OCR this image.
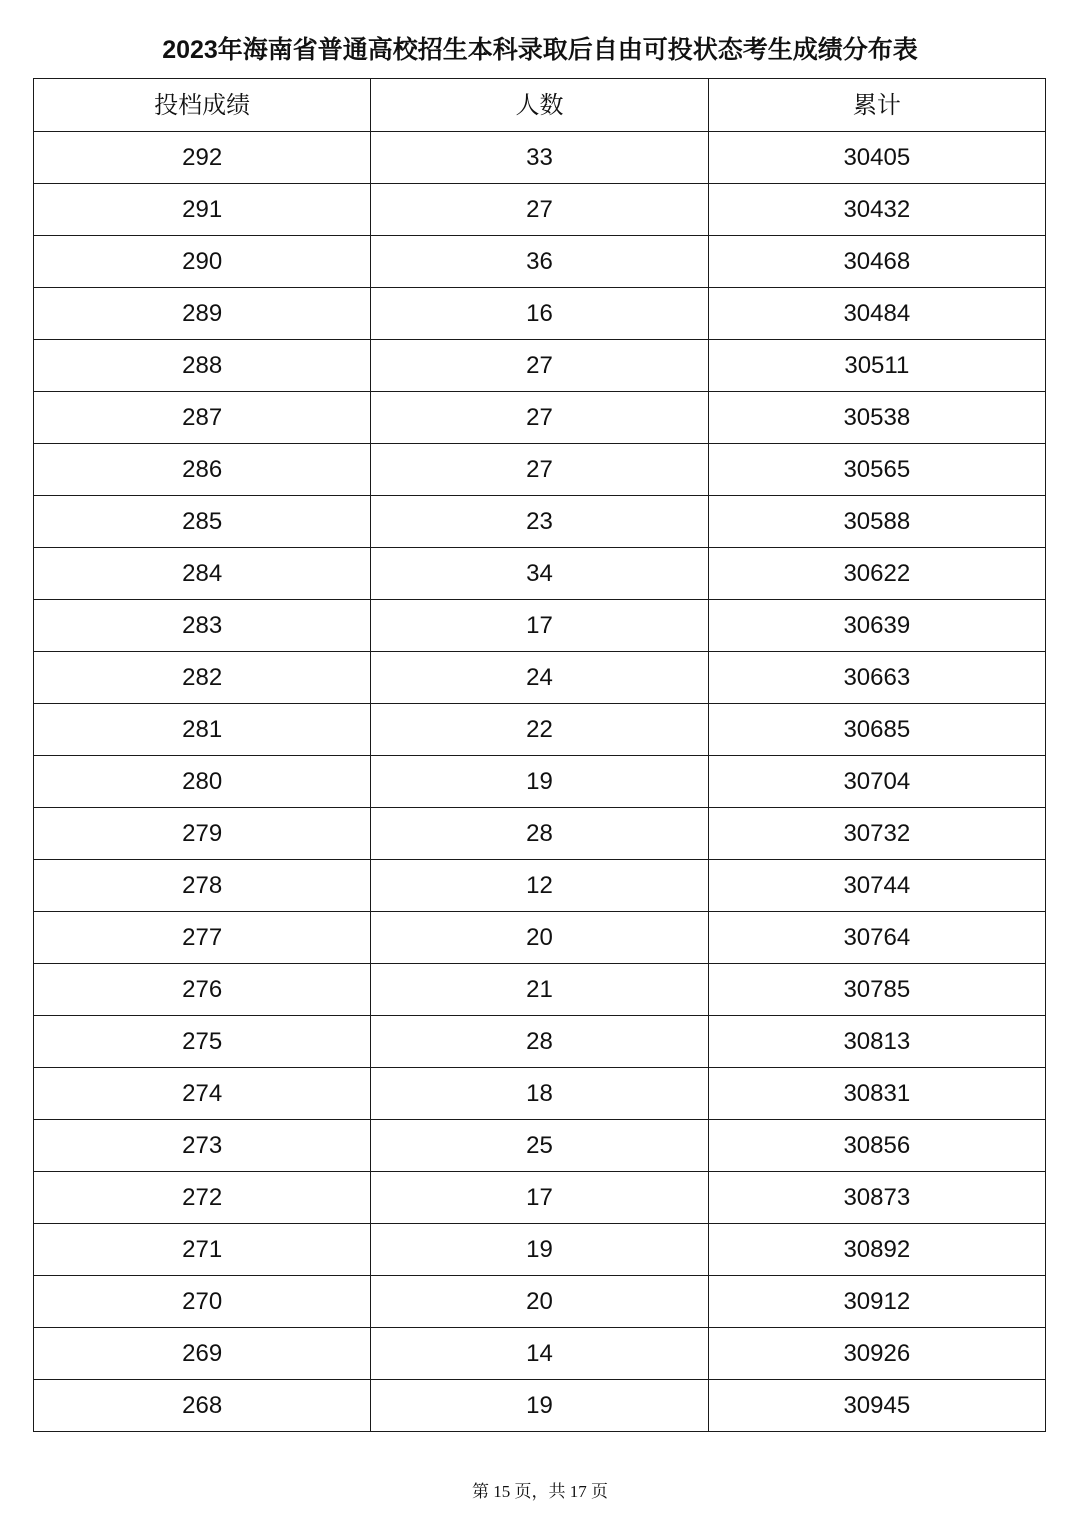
2023年海南省普通高校招生本科录取后自由可投状态考生成绩分布表
投档成绩	人数	累计
292	33	30405
291	27	30432
290	36	30468
289	16	30484
288	27	30511
287	27	30538
286	27	30565
285	23	30588
284	34	30622
283	17	30639
282	24	30663
281	22	30685
280	19	30704
279	28	30732
278	12	30744
277	20	30764
276	21	30785
275	28	30813
274	18	30831
273	25	30856
272	17	30873
271	19	30892
270	20	30912
269	14	30926
268	19	30945
第 15 页，共 17 页
